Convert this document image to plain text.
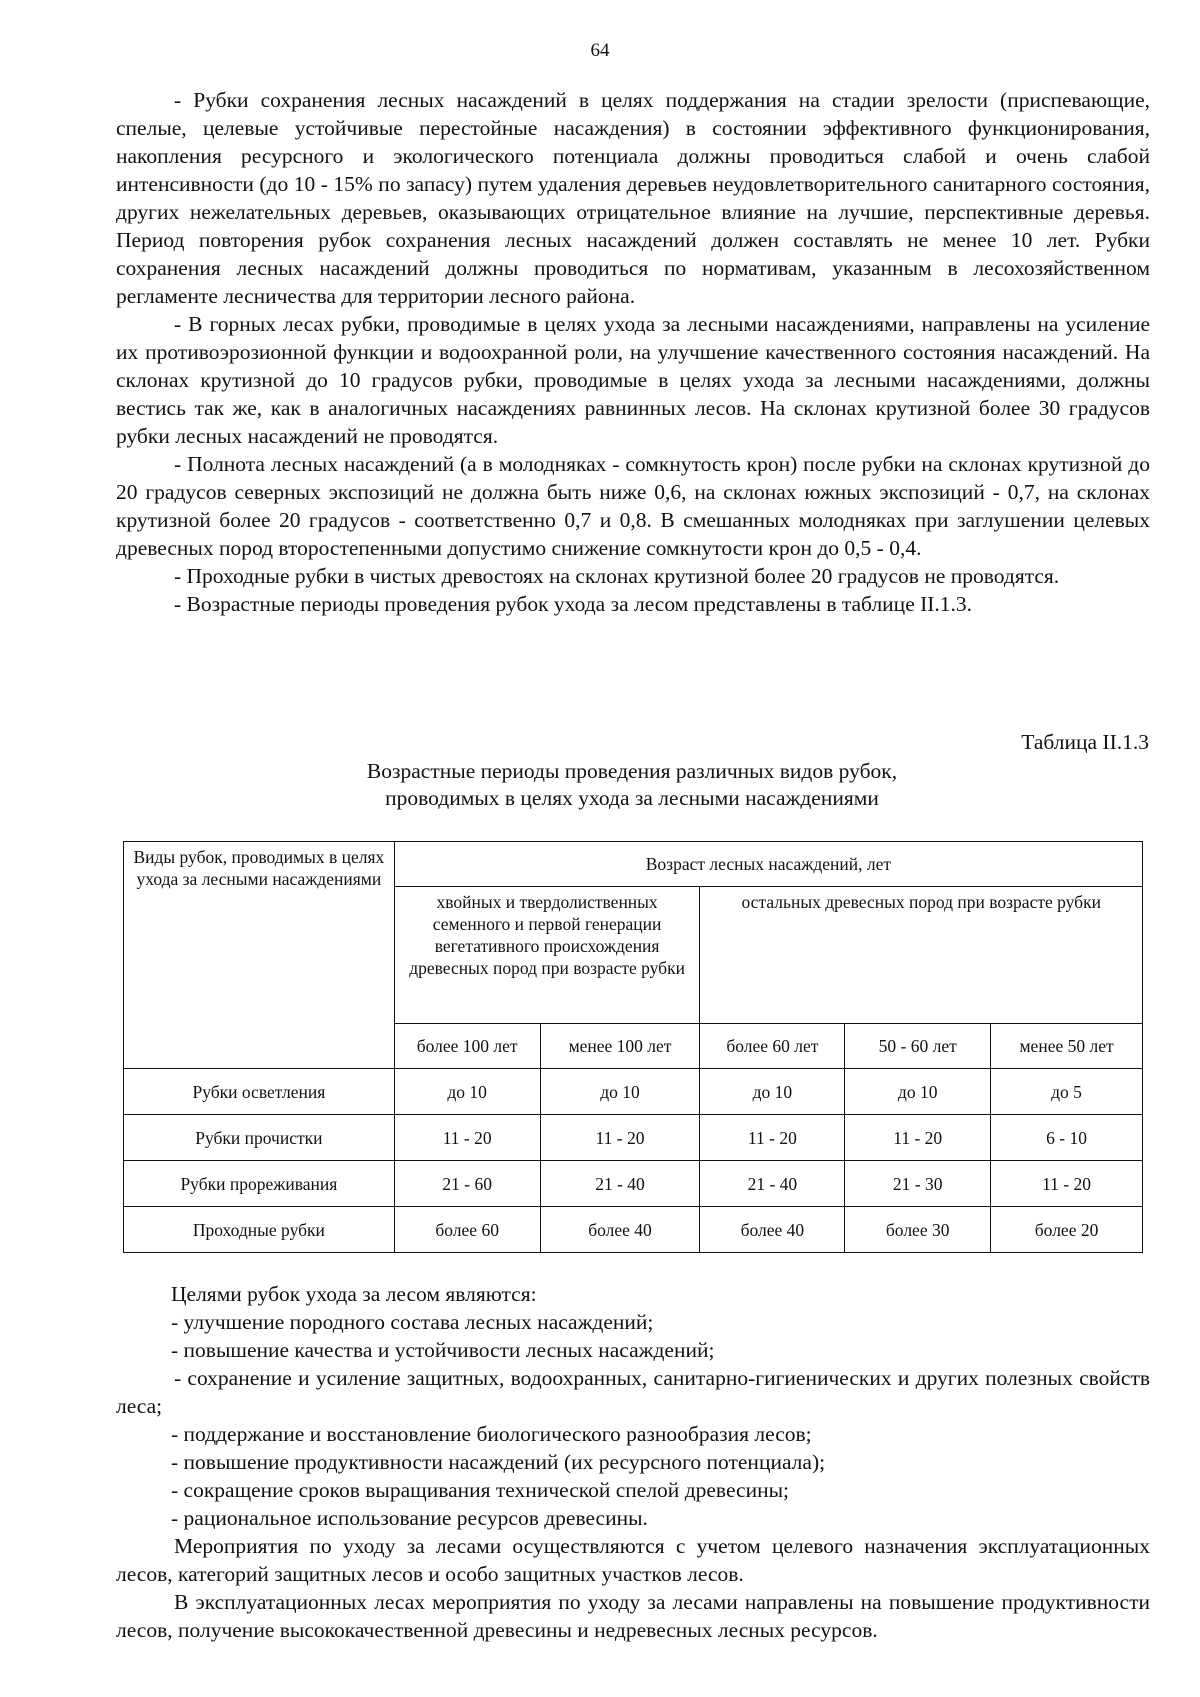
64

- Рубки сохранения лесных насаждений в целях поддержания на стадии зрелости (приспевающие, спелые, целевые устойчивые перестойные насаждения) в состоянии эффективного функционирования, накопления ресурсного и экологического потенциала должны проводиться слабой и очень слабой интенсивности (до 10 - 15% по запасу) путем удаления деревьев неудовлетворительного санитарного состояния, других нежелательных деревьев, оказывающих отрицательное влияние на лучшие, перспективные деревья. Период повторения рубок сохранения лесных насаждений должен составлять не менее 10 лет. Рубки сохранения лесных насаждений должны проводиться по нормативам, указанным в лесохозяйственном регламенте лесничества для территории лесного района.

- В горных лесах рубки, проводимые в целях ухода за лесными насаждениями, направлены на усиление их противоэрозионной функции и водоохранной роли, на улучшение качественного состояния насаждений. На склонах крутизной до 10 градусов рубки, проводимые в целях ухода за лесными насаждениями, должны вестись так же, как в аналогичных насаждениях равнинных лесов. На склонах крутизной более 30 градусов рубки лесных насаждений не проводятся.

- Полнота лесных насаждений (а в молодняках - сомкнутость крон) после рубки на склонах крутизной до 20 градусов северных экспозиций не должна быть ниже 0,6, на склонах южных экспозиций - 0,7, на склонах крутизной более 20 градусов - соответственно 0,7 и 0,8. В смешанных молодняках при заглушении целевых древесных пород второстепенными допустимо снижение сомкнутости крон до 0,5 - 0,4.

- Проходные рубки в чистых древостоях на склонах крутизной более 20 градусов не проводятся.

- Возрастные периоды проведения рубок ухода за лесом представлены в таблице II.1.3.

Таблица II.1.3
Возрастные периоды проведения различных видов рубок,
проводимых в целях ухода за лесными насаждениями
Виды рубок, проводимых в целях ухода за лесными насаждениями	Возраст лесных насаждений, лет				
	хвойных и твердолиственных семенного и первой генерации вегетативного происхождения древесных пород при возрасте рубки		остальных древесных пород при возрасте рубки		
	более 100 лет	менее 100 лет	более 60 лет	50 - 60 лет	менее 50 лет
Рубки осветления	до 10	до 10	до 10	до 10	до 5
Рубки прочистки	11 - 20	11 - 20	11 - 20	11 - 20	6 - 10
Рубки прореживания	21 - 60	21 - 40	21 - 40	21 - 30	11 - 20
Проходные рубки	более 60	более 40	более 40	более 30	более 20

Целями рубок ухода за лесом являются:

- улучшение породного состава лесных насаждений;

- повышение качества и устойчивости лесных насаждений;

- сохранение и усиление защитных, водоохранных, санитарно-гигиенических и других полезных свойств леса;

- поддержание и восстановление биологического разнообразия лесов;

- повышение продуктивности насаждений (их ресурсного потенциала);

- сокращение сроков выращивания технической спелой древесины;

- рациональное использование ресурсов древесины.

Мероприятия по уходу за лесами осуществляются с учетом целевого назначения эксплуатационных лесов, категорий защитных лесов и особо защитных участков лесов.

В эксплуатационных лесах мероприятия по уходу за лесами направлены на повышение продуктивности лесов, получение высококачественной древесины и недревесных лесных ресурсов.
